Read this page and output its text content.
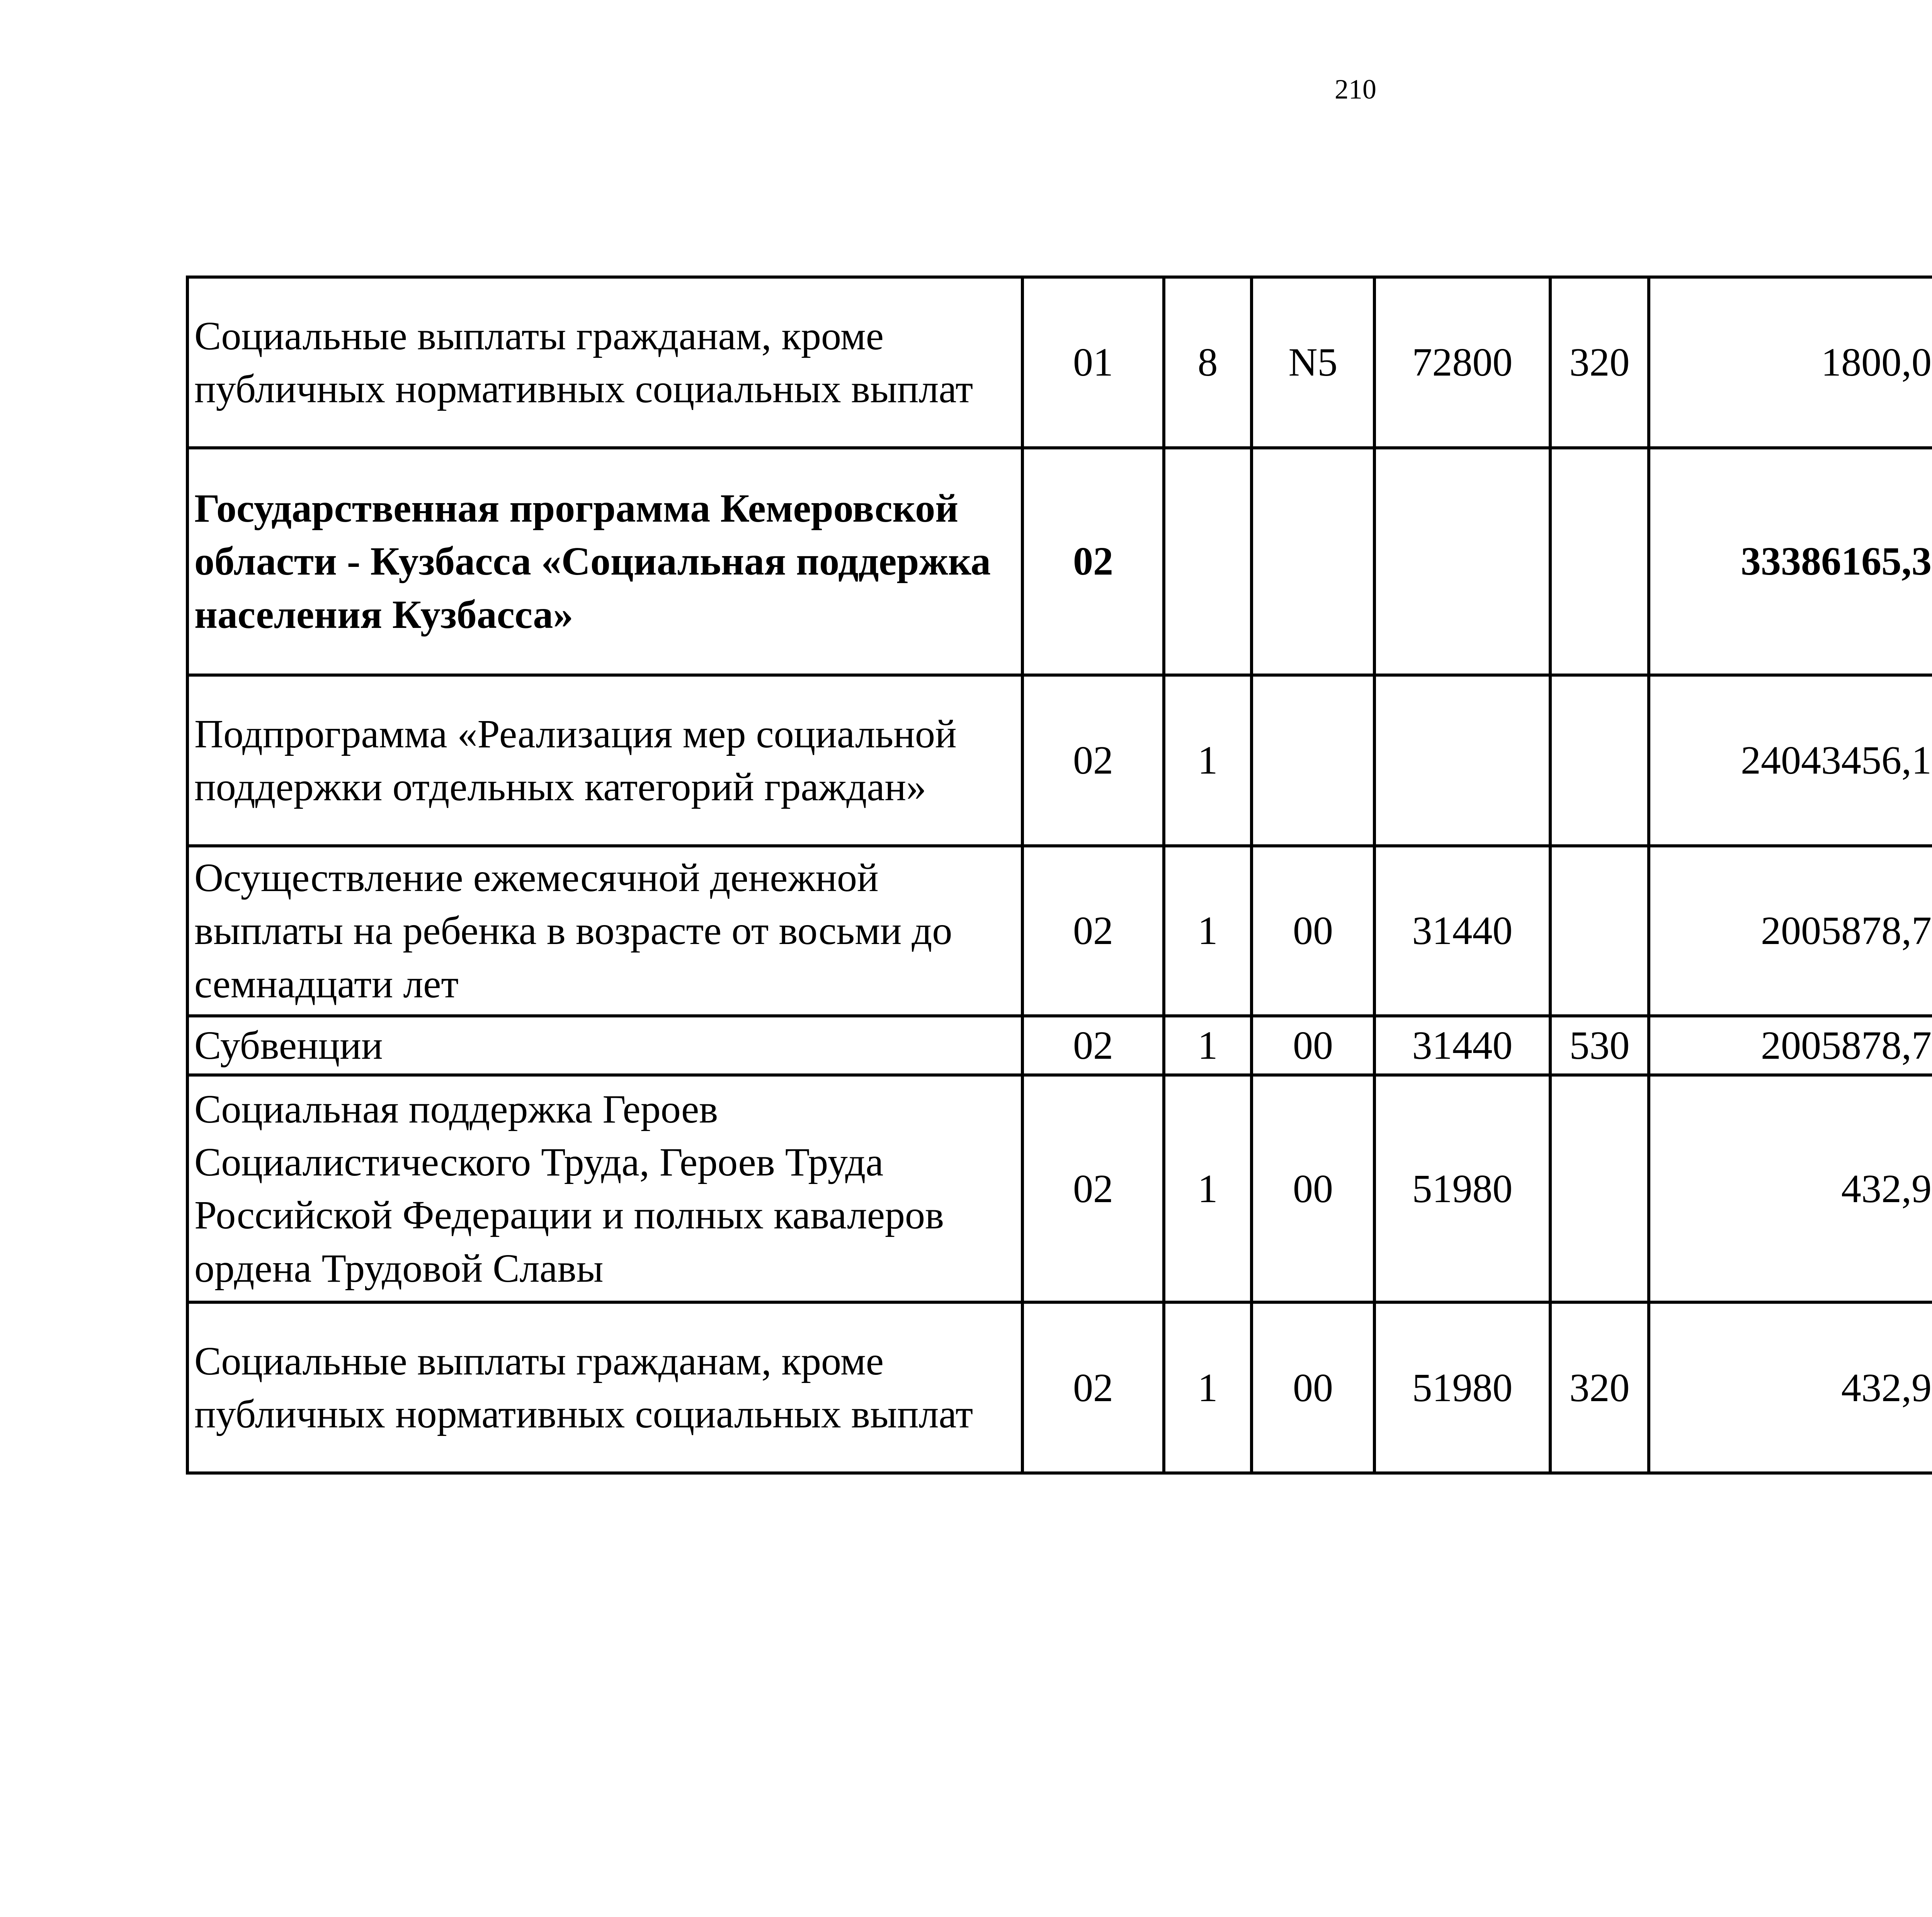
210
Социальные выплаты гражданам, кроме публичных нормативных социальных выплат	01	8	N5	72800	320	1800,0		
Государственная программа Кемеровской области - Кузбасса «Социальная поддержка населения Кузбасса»	02					33386165,3		
Подпрограмма «Реализация мер социальной поддержки отдельных категорий граждан»	02	1				24043456,1		
Осуществление ежемесячной денежной выплаты на ребенка в возрасте от восьми до семнадцати лет	02	1	00	31440		2005878,7		
Субвенции	02	1	00	31440	530	2005878,7		
Социальная поддержка Героев Социалистического Труда, Героев Труда Российской Федерации и полных кавалеров ордена Трудовой Славы	02	1	00	51980		432,9		
Социальные выплаты гражданам, кроме публичных нормативных социальных выплат	02	1	00	51980	320	432,9		
